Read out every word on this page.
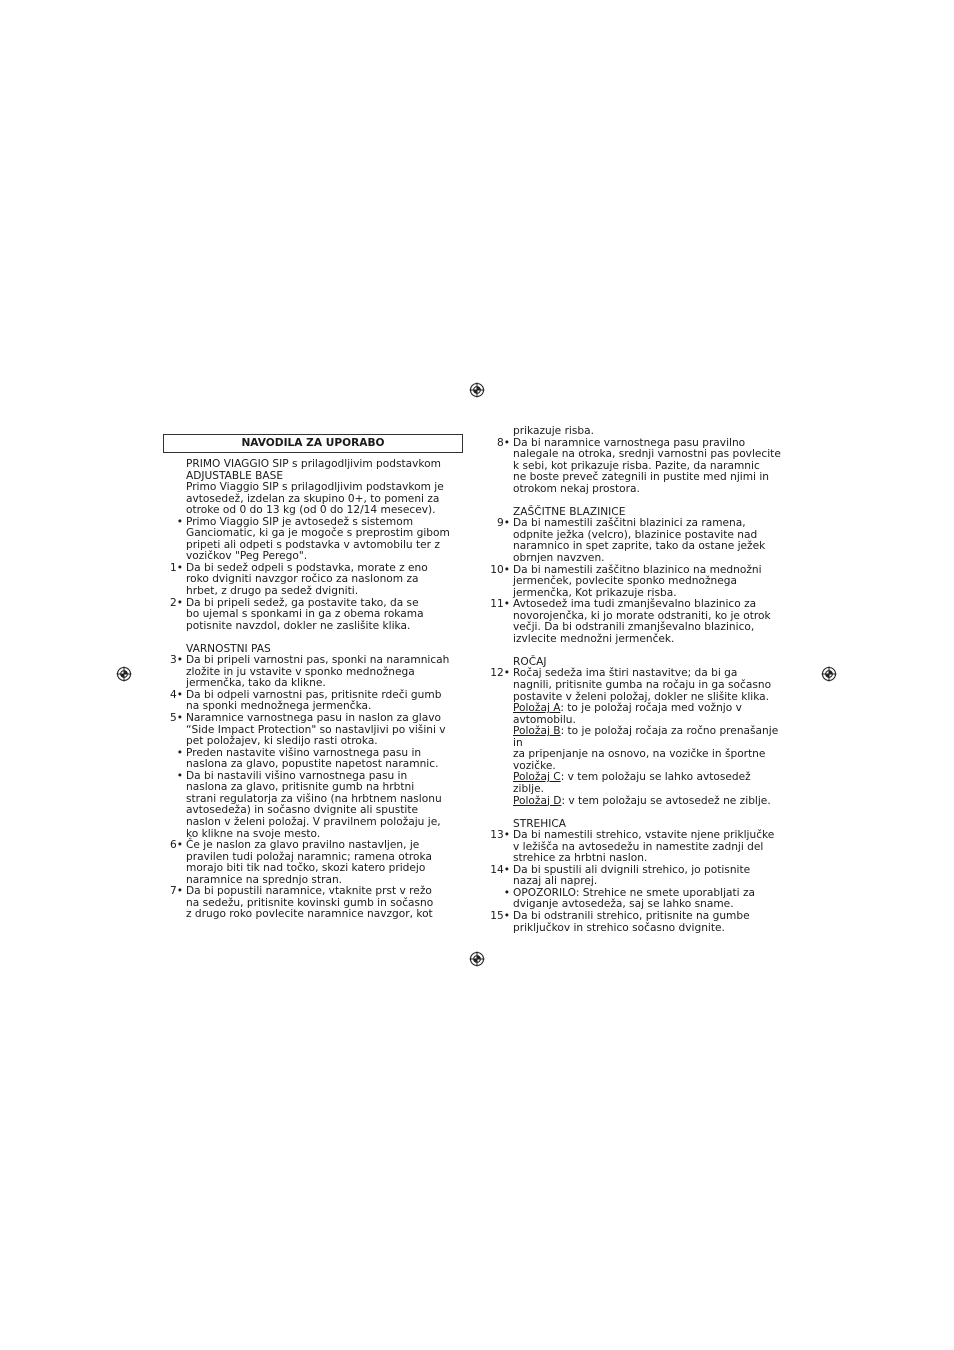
NAVODILA ZA UPORABO
PRIMO VIAGGIO SIP s prilagodljivim podstavkom
ADJUSTABLE BASE
Primo Viaggio SIP s prilagodljivim podstavkom je
avtosedež, izdelan za skupino 0+, to pomeni za
otroke od 0 do 13 kg (od 0 do 12/14 mesecev).
• Primo Viaggio SIP je avtosedež s sistemom
Ganciomatic, ki ga je mogoče s preprostim gibom
pripeti ali odpeti s podstavka v avtomobilu ter z
vozičkov "Peg Perego".
1• Da bi sedež odpeli s podstavka, morate z eno
roko dvigniti navzgor ročico za naslonom za
hrbet, z drugo pa sedež dvigniti.
2• Da bi pripeli sedež, ga postavite tako, da se
bo ujemal s sponkami in ga z obema rokama
potisnite navzdol, dokler ne zaslišite klika.
VARNOSTNI PAS
3• Da bi pripeli varnostni pas, sponki na naramnicah
zložite in ju vstavite v sponko mednožnega
jermenčka, tako da klikne.
4• Da bi odpeli varnostni pas, pritisnite rdeči gumb
na sponki mednožnega jermenčka.
5• Naramnice varnostnega pasu in naslon za glavo
“Side Impact Protection" so nastavljivi po višini v
pet položajev, ki sledijo rasti otroka.
• Preden nastavite višino varnostnega pasu in
naslona za glavo, popustite napetost naramnic.
• Da bi nastavili višino varnostnega pasu in
naslona za glavo, pritisnite gumb na hrbtni
strani regulatorja za višino (na hrbtnem naslonu
avtosedeža) in sočasno dvignite ali spustite
naslon v želeni položaj. V pravilnem položaju je,
ko klikne na svoje mesto.
6• Če je naslon za glavo pravilno nastavljen, je
pravilen tudi položaj naramnic; ramena otroka
morajo biti tik nad točko, skozi katero pridejo
naramnice na sprednjo stran.
7• Da bi popustili naramnice, vtaknite prst v režo
na sedežu, pritisnite kovinski gumb in sočasno
z drugo roko povlecite naramnice navzgor, kot
prikazuje risba.
8• Da bi naramnice varnostnega pasu pravilno
nalegale na otroka, srednji varnostni pas povlecite
k sebi, kot prikazuje risba. Pazite, da naramnic
ne boste preveč zategnili in pustite med njimi in
otrokom nekaj prostora.
ZAŠČITNE BLAZINICE
9• Da bi namestili zaščitni blazinici za ramena,
odpnite ježka (velcro), blazinice postavite nad
naramnico in spet zaprite, tako da ostane ježek
obrnjen navzven.
10• Da bi namestili zaščitno blazinico na mednožni
jermenček, povlecite sponko mednožnega
jermenčka, Kot prikazuje risba.
11• Avtosedež ima tudi zmanjševalno blazinico za
novorojenčka, ki jo morate odstraniti, ko je otrok
večji. Da bi odstranili zmanjševalno blazinico,
izvlecite mednožni jermenček.
ROČAJ
12• Ročaj sedeža ima štiri nastavitve; da bi ga
nagnili, pritisnite gumba na ročaju in ga sočasno
postavite v želeni položaj, dokler ne slišite klika.
Položaj A: to je položaj ročaja med vožnjo v
avtomobilu.
Položaj B: to je položaj ročaja za ročno prenašanje in
za pripenjanje na osnovo, na vozičke in športne
vozičke.
Položaj C: v tem položaju se lahko avtosedež
ziblje.
Položaj D: v tem položaju se avtosedež ne ziblje.
STREHICA
13• Da bi namestili strehico, vstavite njene priključke
v ležišča na avtosedežu in namestite zadnji del
strehice za hrbtni naslon.
14• Da bi spustili ali dvignili strehico, jo potisnite
nazaj ali naprej.
• OPOZORILO: Strehice ne smete uporabljati za
dviganje avtosedeža, saj se lahko sname.
15• Da bi odstranili strehico, pritisnite na gumbe
priključkov in strehico sočasno dvignite.
